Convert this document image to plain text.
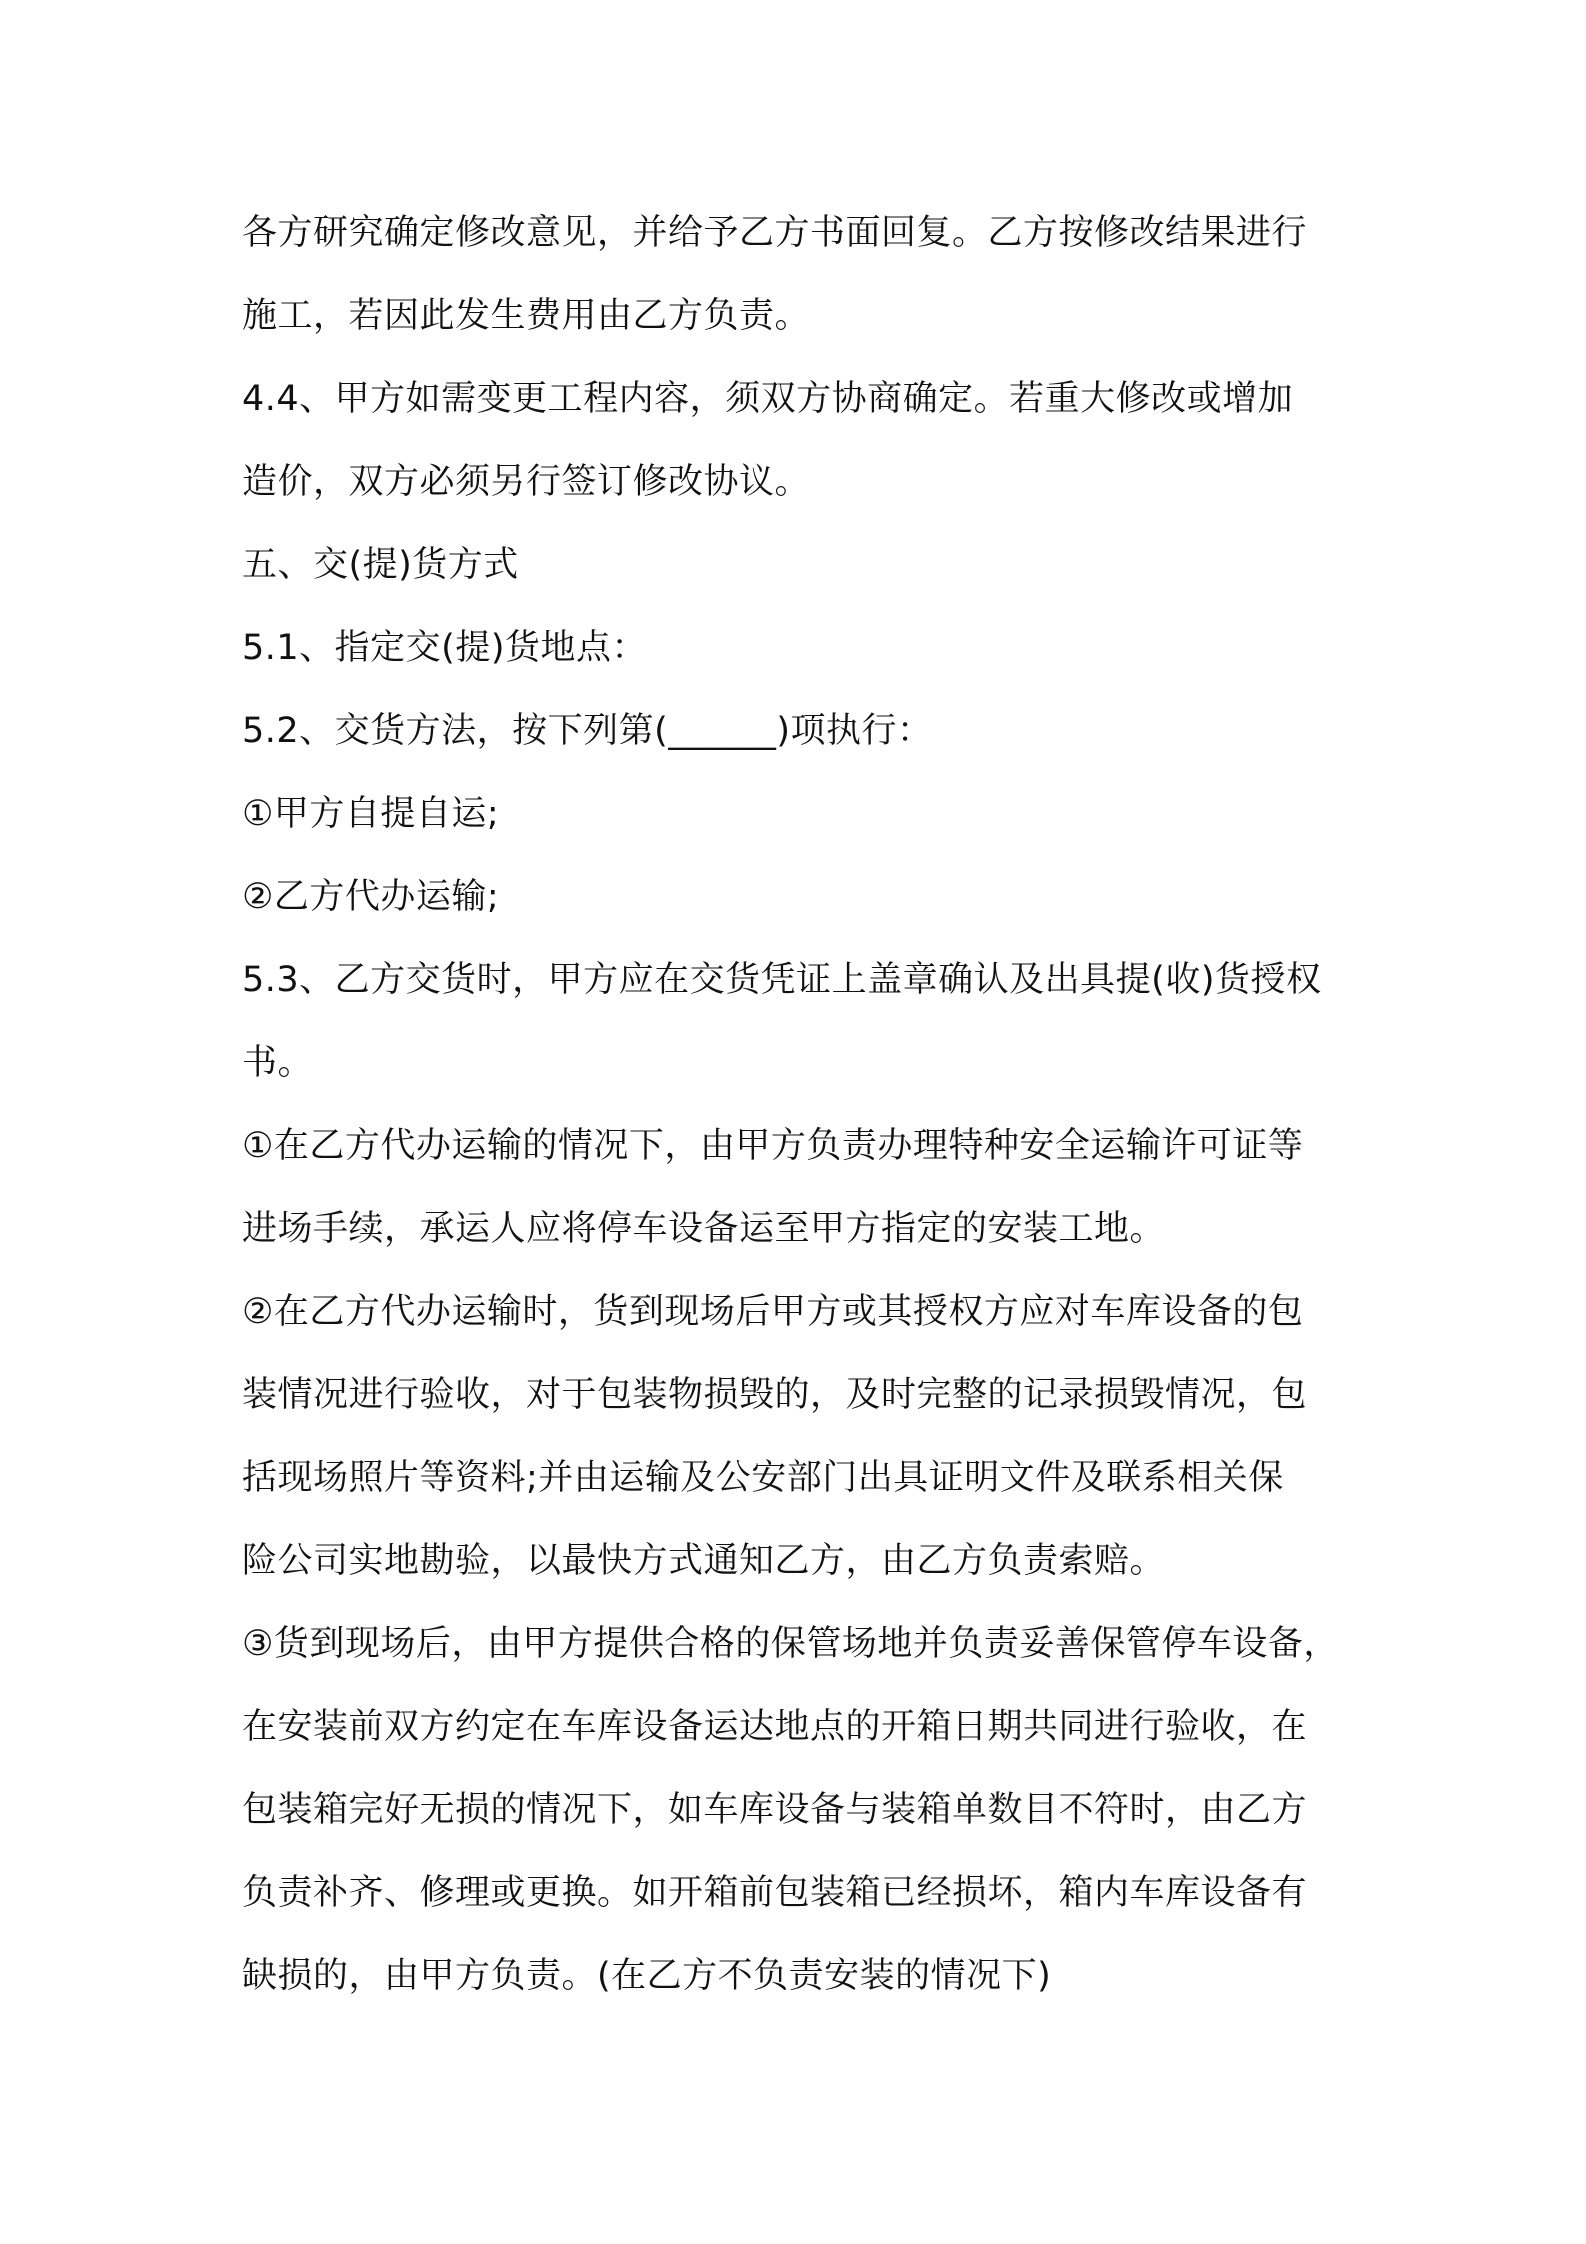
各方研究确定修改意见，并给予乙方书面回复。乙方按修改结果进行
施工，若因此发生费用由乙方负责。
4.4、甲方如需变更工程内容，须双方协商确定。若重大修改或增加
造价，双方必须另行签订修改协议。
五、交(提)货方式
5.1、指定交(提)货地点：
5.2、交货方法，按下列第(______)项执行：
①甲方自提自运;
②乙方代办运输;
5.3、乙方交货时，甲方应在交货凭证上盖章确认及出具提(收)货授权
书。
①在乙方代办运输的情况下，由甲方负责办理特种安全运输许可证等
进场手续，承运人应将停车设备运至甲方指定的安装工地。
②在乙方代办运输时，货到现场后甲方或其授权方应对车库设备的包
装情况进行验收，对于包装物损毁的，及时完整的记录损毁情况，包
括现场照片等资料;并由运输及公安部门出具证明文件及联系相关保
险公司实地勘验，以最快方式通知乙方，由乙方负责索赔。
③货到现场后，由甲方提供合格的保管场地并负责妥善保管停车设备，
在安装前双方约定在车库设备运达地点的开箱日期共同进行验收，在
包装箱完好无损的情况下，如车库设备与装箱单数目不符时，由乙方
负责补齐、修理或更换。如开箱前包装箱已经损坏，箱内车库设备有
缺损的，由甲方负责。(在乙方不负责安装的情况下)
